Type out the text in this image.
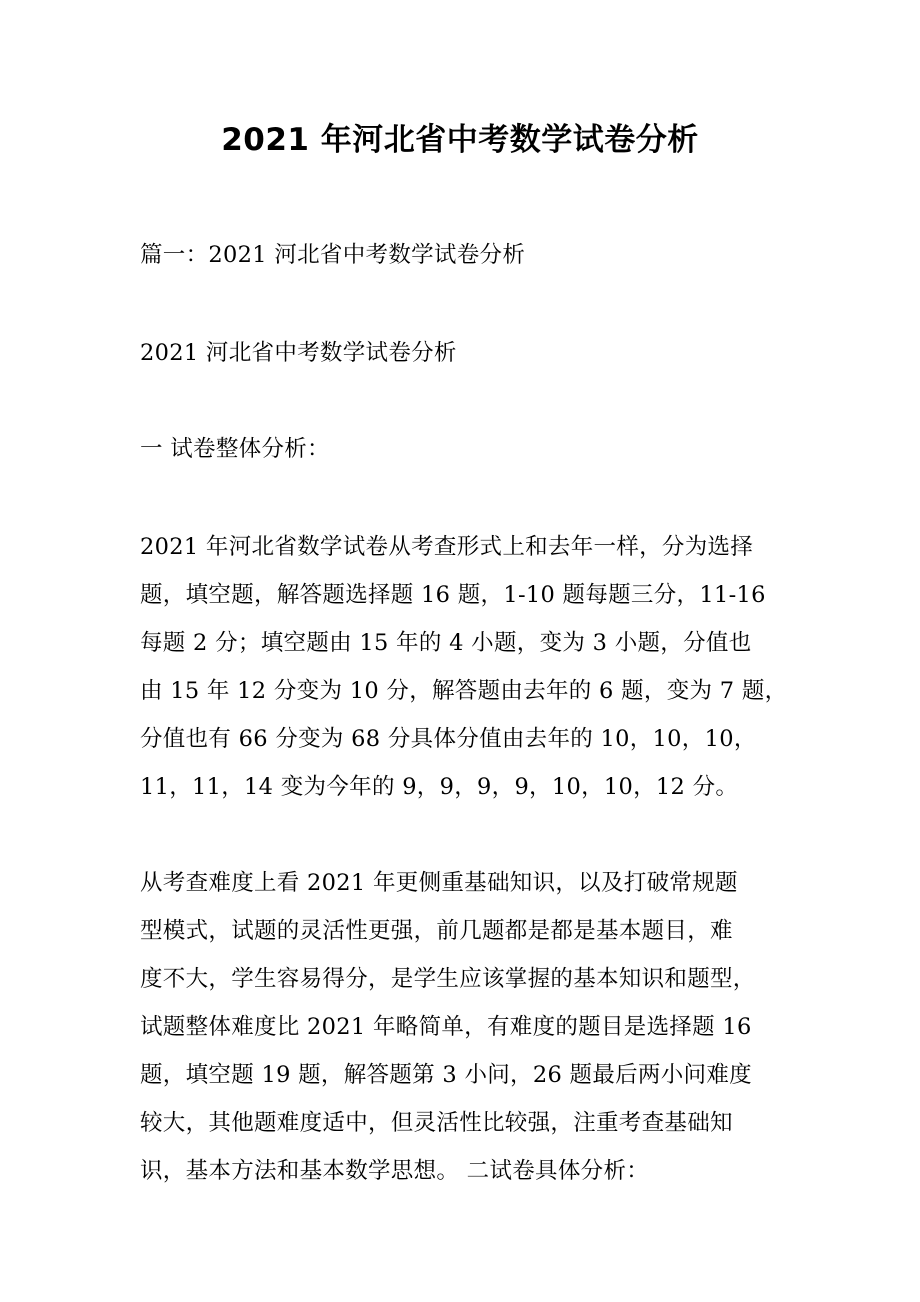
2021 年河北省中考数学试卷分析
篇一：2021 河北省中考数学试卷分析
2021 河北省中考数学试卷分析
一 试卷整体分析：
2021 年河北省数学试卷从考查形式上和去年一样，分为选择
题，填空题，解答题选择题 16 题，1-10 题每题三分，11-16
每题 2 分；填空题由 15 年的 4 小题，变为 3 小题，分值也
由 15 年 12 分变为 10 分，解答题由去年的 6 题，变为 7 题，
分值也有 66 分变为 68 分具体分值由去年的 10，10，10，
11，11，14 变为今年的 9，9，9，9，10，10，12 分。
从考查难度上看 2021 年更侧重基础知识，以及打破常规题
型模式，试题的灵活性更强，前几题都是都是基本题目，难
度不大，学生容易得分，是学生应该掌握的基本知识和题型，
试题整体难度比 2021 年略简单，有难度的题目是选择题 16
题，填空题 19 题，解答题第 3 小问，26 题最后两小问难度
较大，其他题难度适中，但灵活性比较强，注重考查基础知
识，基本方法和基本数学思想。 二试卷具体分析：
